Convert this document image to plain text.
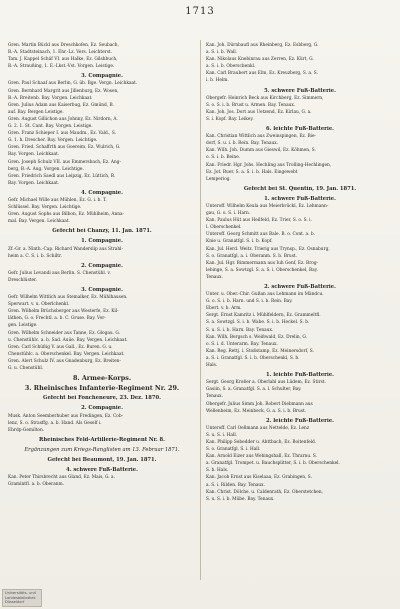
1713
Gren. Martin Bückl aus Dreschkofen, Ez. Seubach,
B.-A. Stadtsteinach, 1. Ehr.-Lz. Vers. Leichterst.
Tam. J. Kappel Schäf VI. aus Halke, Ez. Gilshbuch,
B.-A. Straußing, 1. E.-Lkst.-Vst. Vorgen. Leistige.
3. Compagnie.
Gren. Paul Schaaf aus Berlin, G. üb. Bge. Vergn. Leichkaat.
Gren. Bernhard Margrit aus Jillenburg, Ez. Wosen,
B.-A. Breitenb. Bay. Vorgen. Leichkaat.
Gren. Julius Adam aus Kaiserbug, Ez. Gmünd, B.
auf. Bay. Bergen Leistige.
Gren. August Gillichon aus Johnny, Ez. Nirdorn, A.
G. 2. 1. St. Cant. Bay. Vorgen. Leistige.
Gren. Franz Schieper I. aus Maudm., Ez. Vald., S.
G. 1. h. Drescher. Bay. Vergen. Leichtige.
Gren. Fried. Schaffrth aus Goereim, Ez. Wulrich, G.
Bay. Vorgen. Leichkaat.
Gren. Joseph Schulz VII. aus Emmersbach, Ez. Ang-
berg, B.-A. Aug. Vorgen. Leichtige.
Gren. Friedrich Saedl aus Leipzig, Ez. Lüttich, B.
Bay. Vorgen. Leichkaat.
4. Compagnie.
Gefr. Michael Wille aus Mühlen, Ez. G. i. b. T.
Schlüssel. Bay. Vergen. Leichtige.
Gren. August Sophs aus Bilbon, Ez. Mühlheim, Anna-
mal. Bay. Vergen. Leichkaat.
Gefecht bei Chanzy, 11. Jan. 1871.
1. Compagnie.
Zf.-Gr. a. Ninth.-Cap. Richard Wanderslip aus Strahl-
heim a. C. S. i. b. Schiltr.
2. Compagnie.
Gefr. Julius Levandi aus Berlin. S. Chenstühl. v.
Dreschlüster.
3. Compagnie.
Gefr. Wilhelm Wittlich aus Stemalker, Ez. Mühlhausen.
Sperwart. v. u. Oberlchenkl.
Gren. Wilhelm Brüchsberger aus Westerfe, Ez. Kil-
läthen, G. o. Frechtl. a. b. C. Gruse. Bay. Vor-
gen. Leistige.
Gren. Wilhelm Schneider aus Tanne, Ez. Glogau. G.
u. Chenstühlc. a. b. Sad. Auüe. Bay. Vergen. Leichkaat.
Gren. Carl Schüßig V. aus Gall., Ez. Buren. G. u.
Chenstühlc. a. Oberschenkel. Bay. Vergen. Leichkaat.
Gren. Alert Schulz IV. aus Gnadenburg, Ez. Breiten-
G. u. Chenstühl.
8. Armee-Korps.
3. Rheinisches Infanterie-Regiment Nr. 29.
Gefecht bei Foncheneure, 23. Dez. 1870.
2. Compagnie.
Musk. Anton Seemberhuber aus Fredingen, Ez. Cob-
lenz, S. o. Strasffg. a. b. Hand. Als Geself i.
Ehrdp-Gemilton.
Rheinisches Feld-Artillerie-Regiment Nr. 8.
Ergänzungen zum Kriegs-Ranglisten am 13. Februar 1871.
Gefecht bei Beaumont, 19. Jan. 1871.
4. schwere Fuß-Batterie.
Kan. Peter Thirsbrecht aus Gland, Ez. Mais, G. a.
Gramintfl. a. b. Oberanm.
Kan. Joh. Dürnbaufl aus Rheinberg, Ez. Esbberg, G.
a. S. i. b. Wall.
Kan. Nikolaus Knebinrau aus Zerren, Ez. Kürt, G.
a. S. i. b. Oberschenkl.
Kan. Carl Braubert aus Elm, Ez. Kreuzberg, S. a. S.
i. b. Helm.
5. schwere Fuß-Batterie.
Obergefr. Heinrich Beck aus Kirchberg, Ez. Simmern,
S. o. S. i. b. Brust u. Armen. Bay. Tenaux.
Kan. Joh. Jos. Dort aus Uetzend, Ez. Kirlau, G. a.
S. i. Kopf. Bay. Leikey.
6. leichte Fuß-Batterie.
Kan. Christian Wittlich aus Zweinspingen, Ez. Bie-
dorf, S. u. i. b. Rein. Bay. Tenaux.
Kan. Wilh. Joh. Dumm aus Gieswil, Ez. Köhmen, S.
o. S. i. b. Beine.
Kan. Friedr. Hgr. Johs. Hechling aus Trolling-Hechlingen,
Ez. Jot. Buer, S. a. S. i. b. Hals. Eingewebt
Lemperiog.
Gefecht bei St. Quentin, 19. Jan. 1871.
1. schwere Fuß-Batterie.
Unteroff. Wilhelm Keula aus Meierbrückl, Ez. Lehmann-
gau, G. o. S. i. Harn.
Kan. Paulus Hüt aus Heilfeld, Ez. Trier, S. o. S. i.
l. Oberschenkel.
Unteroff. Georg Schmitt aus Bale. B. o. Cont. a. b.
Knie u. Granatfgl. S. i. b. Kopf.
Kan. Jul. Herd. Weitz. Trierig aus Trynsp., Ez. Osnaburg,
S. o. Granatfgl. a. i. Oberanm. S. b. Brust.
Kan. Jul. Hgr. Bimmermann aus Iuh Genf, Ez. Brog-
lebinge, S. a. Sowtzgl. S. a. S. i. Oberschenkel, Bay.
Tenaux.
2. schwere Fuß-Batterie.
Unter. u. Ober.-Chir. Gußan aus Lehmann im Mändcu.
G. o. S. i. b. Harn. und S. i. b. Rein. Bay.
Ebert. v. b. Arm.
Sergt. Ernst Kamritz i. Mühlfeldern, Ez. Grammeltfl.
S. a. Sowtzgl. S. i. b. Wabe. S. i. b. Heckel. S. b.
S. u. S. i. b. Harn. Bay. Tenaux.
Kan. Wilh. Bergsch s. Weißwald, Ez. Drelin, G.
o. S. i. d. Unterarm. Bay. Tenaux.
Kan. Reg. Rettj. i. Stoßstamp, Ez. Meinersdorf, S.
a. S. i. Granatfgl. S. i. b. Oberschenkl, S. b.
Hals.
1. leichte Fuß-Batterie.
Sergt. Georg Kroßer a. Oberlahl aus Lüdem, Ez. Stirst.
Gasiin, S. a. Granatfgl. S. a. l. Schulter, Bay.
Tenaux.
Obergefr. Julius Simm Joh. Robert Diebmann aus
Wellenheim, Ez. Meinbeck, G. a. S. i. b. Brust.
2. leichte Fuß-Batterie.
Unteroff. Carl Oellmann aus Nettelde, Ez. Lenz
S. u. S. i. Hall.
Kan. Philipp Sebedder u. Ahttbach, Ez. Boitenfeld.
S. o. Granatfgl. S. i. Hall.
Kan. Arnold Eizer aus Wehingshall, Ez. Thrarnu. S.
a. Granatfgl. Trompet. u. Bauchsplitter, S. i. b. Oberschenkel.
S. b. Hals.
Kan. Jacob Ernst aus Kiselaaa, Ez. Grabingen, S.
a. S. i. Rilden. Bay. Tenaux.
Kan. Christ. Dölche. u. Caldenrath, Ez. Oberstetchen,
S. u. S. i. b. Mübe. Bay. Tenaux.
Universitäts- und Landesbibliothek Düsseldorf
